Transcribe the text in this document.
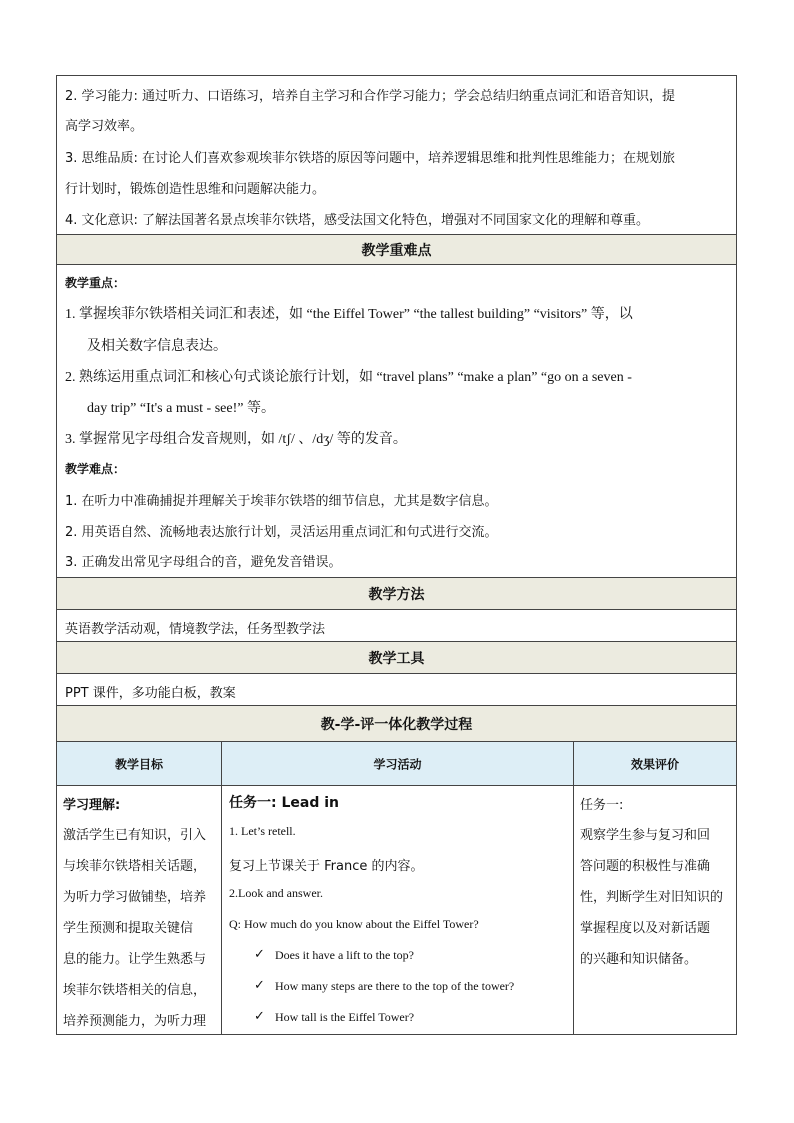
2. 学习能力: 通过听力、口语练习，培养自主学习和合作学习能力；学会总结归纳重点词汇和语音知识，提
高学习效率。
3. 思维品质: 在讨论人们喜欢参观埃菲尔铁塔的原因等问题中，培养逻辑思维和批判性思维能力；在规划旅
行计划时，锻炼创造性思维和问题解决能力。
4. 文化意识: 了解法国著名景点埃菲尔铁塔，感受法国文化特色，增强对不同国家文化的理解和尊重。
教学重难点
教学重点：
1. 掌握埃菲尔铁塔相关词汇和表述，如 “the Eiffel Tower” “the tallest building” “visitors” 等，以
及相关数字信息表达。
2. 熟练运用重点词汇和核心句式谈论旅行计划，如 “travel plans” “make a plan” “go on a seven -
day trip” “It's a must - see!” 等。
3. 掌握常见字母组合发音规则，如 /tʃ/ 、/dʒ/ 等的发音。
教学难点：
1. 在听力中准确捕捉并理解关于埃菲尔铁塔的细节信息，尤其是数字信息。
2. 用英语自然、流畅地表达旅行计划，灵活运用重点词汇和句式进行交流。
3. 正确发出常见字母组合的音，避免发音错误。
教学方法
英语教学活动观，情境教学法，任务型教学法
教学工具
PPT 课件，多功能白板，教案
教-学-评一体化教学过程
教学目标	学习活动	效果评价
学习理解:
激活学生已有知识，引入
与埃菲尔铁塔相关话题，
为听力学习做铺垫，培养
学生预测和提取关键信
息的能力。让学生熟悉与
埃菲尔铁塔相关的信息，
培养预测能力，为听力理
任务一: Lead in
1. Let’s retell.
复习上节课关于 France 的内容。
2.Look and answer.
Q: How much do you know about the Eiffel Tower?
✓ Does it have a lift to the top?
✓ How many steps are there to the top of the tower?
✓ How tall is the Eiffel Tower?
任务一:
观察学生参与复习和回
答问题的积极性与准确
性，判断学生对旧知识的
掌握程度以及对新话题
的兴趣和知识储备。
